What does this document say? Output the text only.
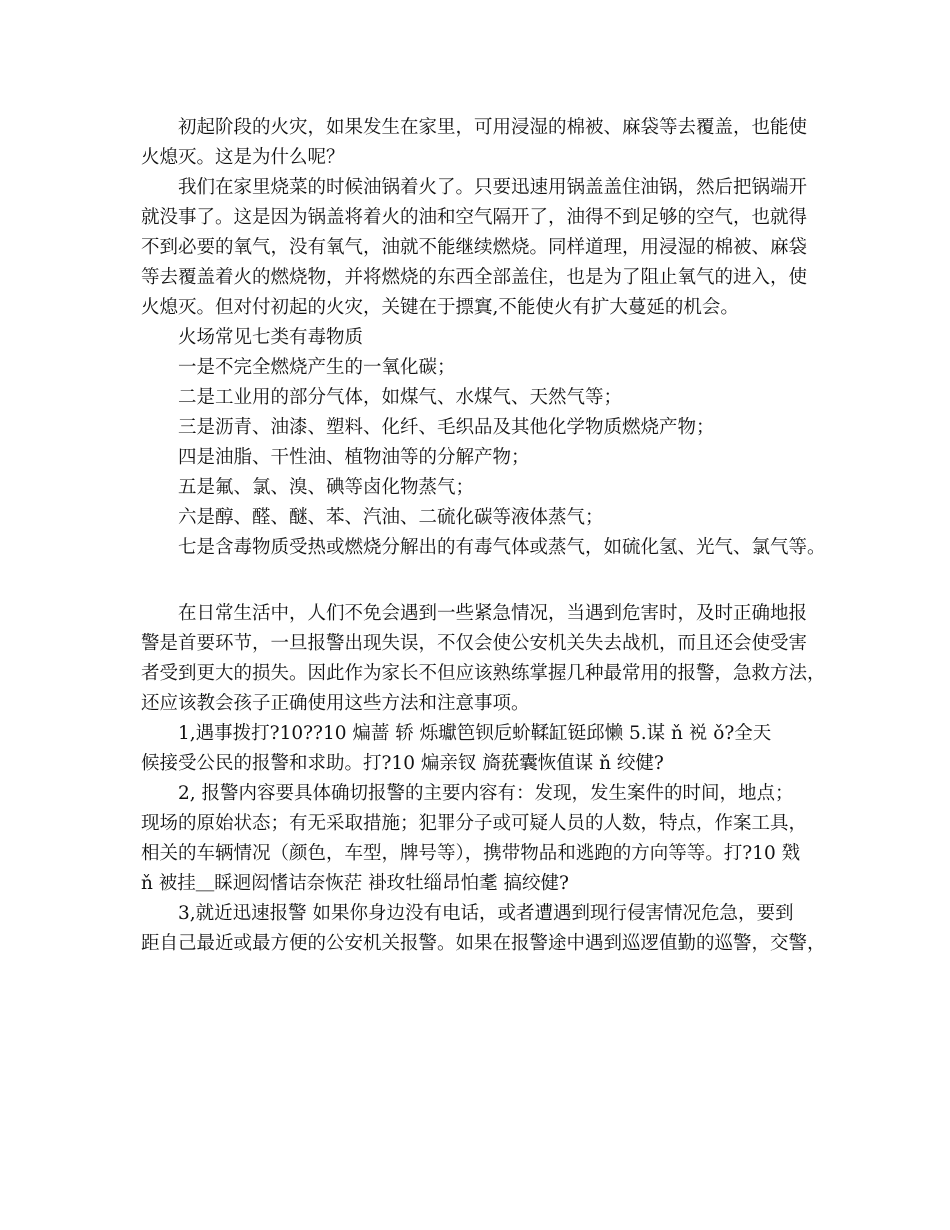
初起阶段的火灾，如果发生在家里，可用浸湿的棉被、麻袋等去覆盖，也能使
火熄灭。这是为什么呢？
我们在家里烧菜的时候油锅着火了。只要迅速用锅盖盖住油锅，然后把锅端开
就没事了。这是因为锅盖将着火的油和空气隔开了，油得不到足够的空气，也就得
不到必要的氧气，没有氧气，油就不能继续燃烧。同样道理，用浸湿的棉被、麻袋
等去覆盖着火的燃烧物，并将燃烧的东西全部盖住，也是为了阻止氧气的进入，使
火熄灭。但对付初起的火灾，关键在于摽窴,不能使火有扩大蔓延的机会。
火场常见七类有毒物质
一是不完全燃烧产生的一氧化碳；
二是工业用的部分气体，如煤气、水煤气、天然气等；
三是沥青、油漆、塑料、化纤、毛织品及其他化学物质燃烧产物；
四是油脂、干性油、植物油等的分解产物；
五是氟、氯、溴、碘等卤化物蒸气；
六是醇、醛、醚、苯、汽油、二硫化碳等液体蒸气；
七是含毒物质受热或燃烧分解出的有毒气体或蒸气，如硫化氢、光气、氯气等。
在日常生活中，人们不免会遇到一些紧急情况，当遇到危害时，及时正确地报
警是首要环节，一旦报警出现失误，不仅会使公安机关失去战机，而且还会使受害
者受到更大的损失。因此作为家长不但应该熟练掌握几种最常用的报警，急救方法，
还应该教会孩子正确使用这些方法和注意事项。
1,遇事拨打?10??10 煸蔷 轿 烁瓛笆钡卮蚧鞣缸铤邱懒 5.谋 ň 裞 ǒ?全天
候接受公民的报警和求助。打?10 煸亲钗 旖莸囊恢值谋 ň 绞健?
2, 报警内容要具体确切报警的主要内容有：发现，发生案件的时间，地点；
现场的原始状态；有无采取措施；犯罪分子或可疑人员的人数，特点，作案工具，
相关的车辆情况（颜色，车型，牌号等），携带物品和逃跑的方向等等。打?10 戣
ň 被挂＿睬迥闳愭诘奈恢茫 褂玫牡缁昂怕耄 搞绞健?
3,就近迅速报警 如果你身边没有电话，或者遭遇到现行侵害情况危急，要到
距自己最近或最方便的公安机关报警。如果在报警途中遇到巡逻值勤的巡警，交警，
